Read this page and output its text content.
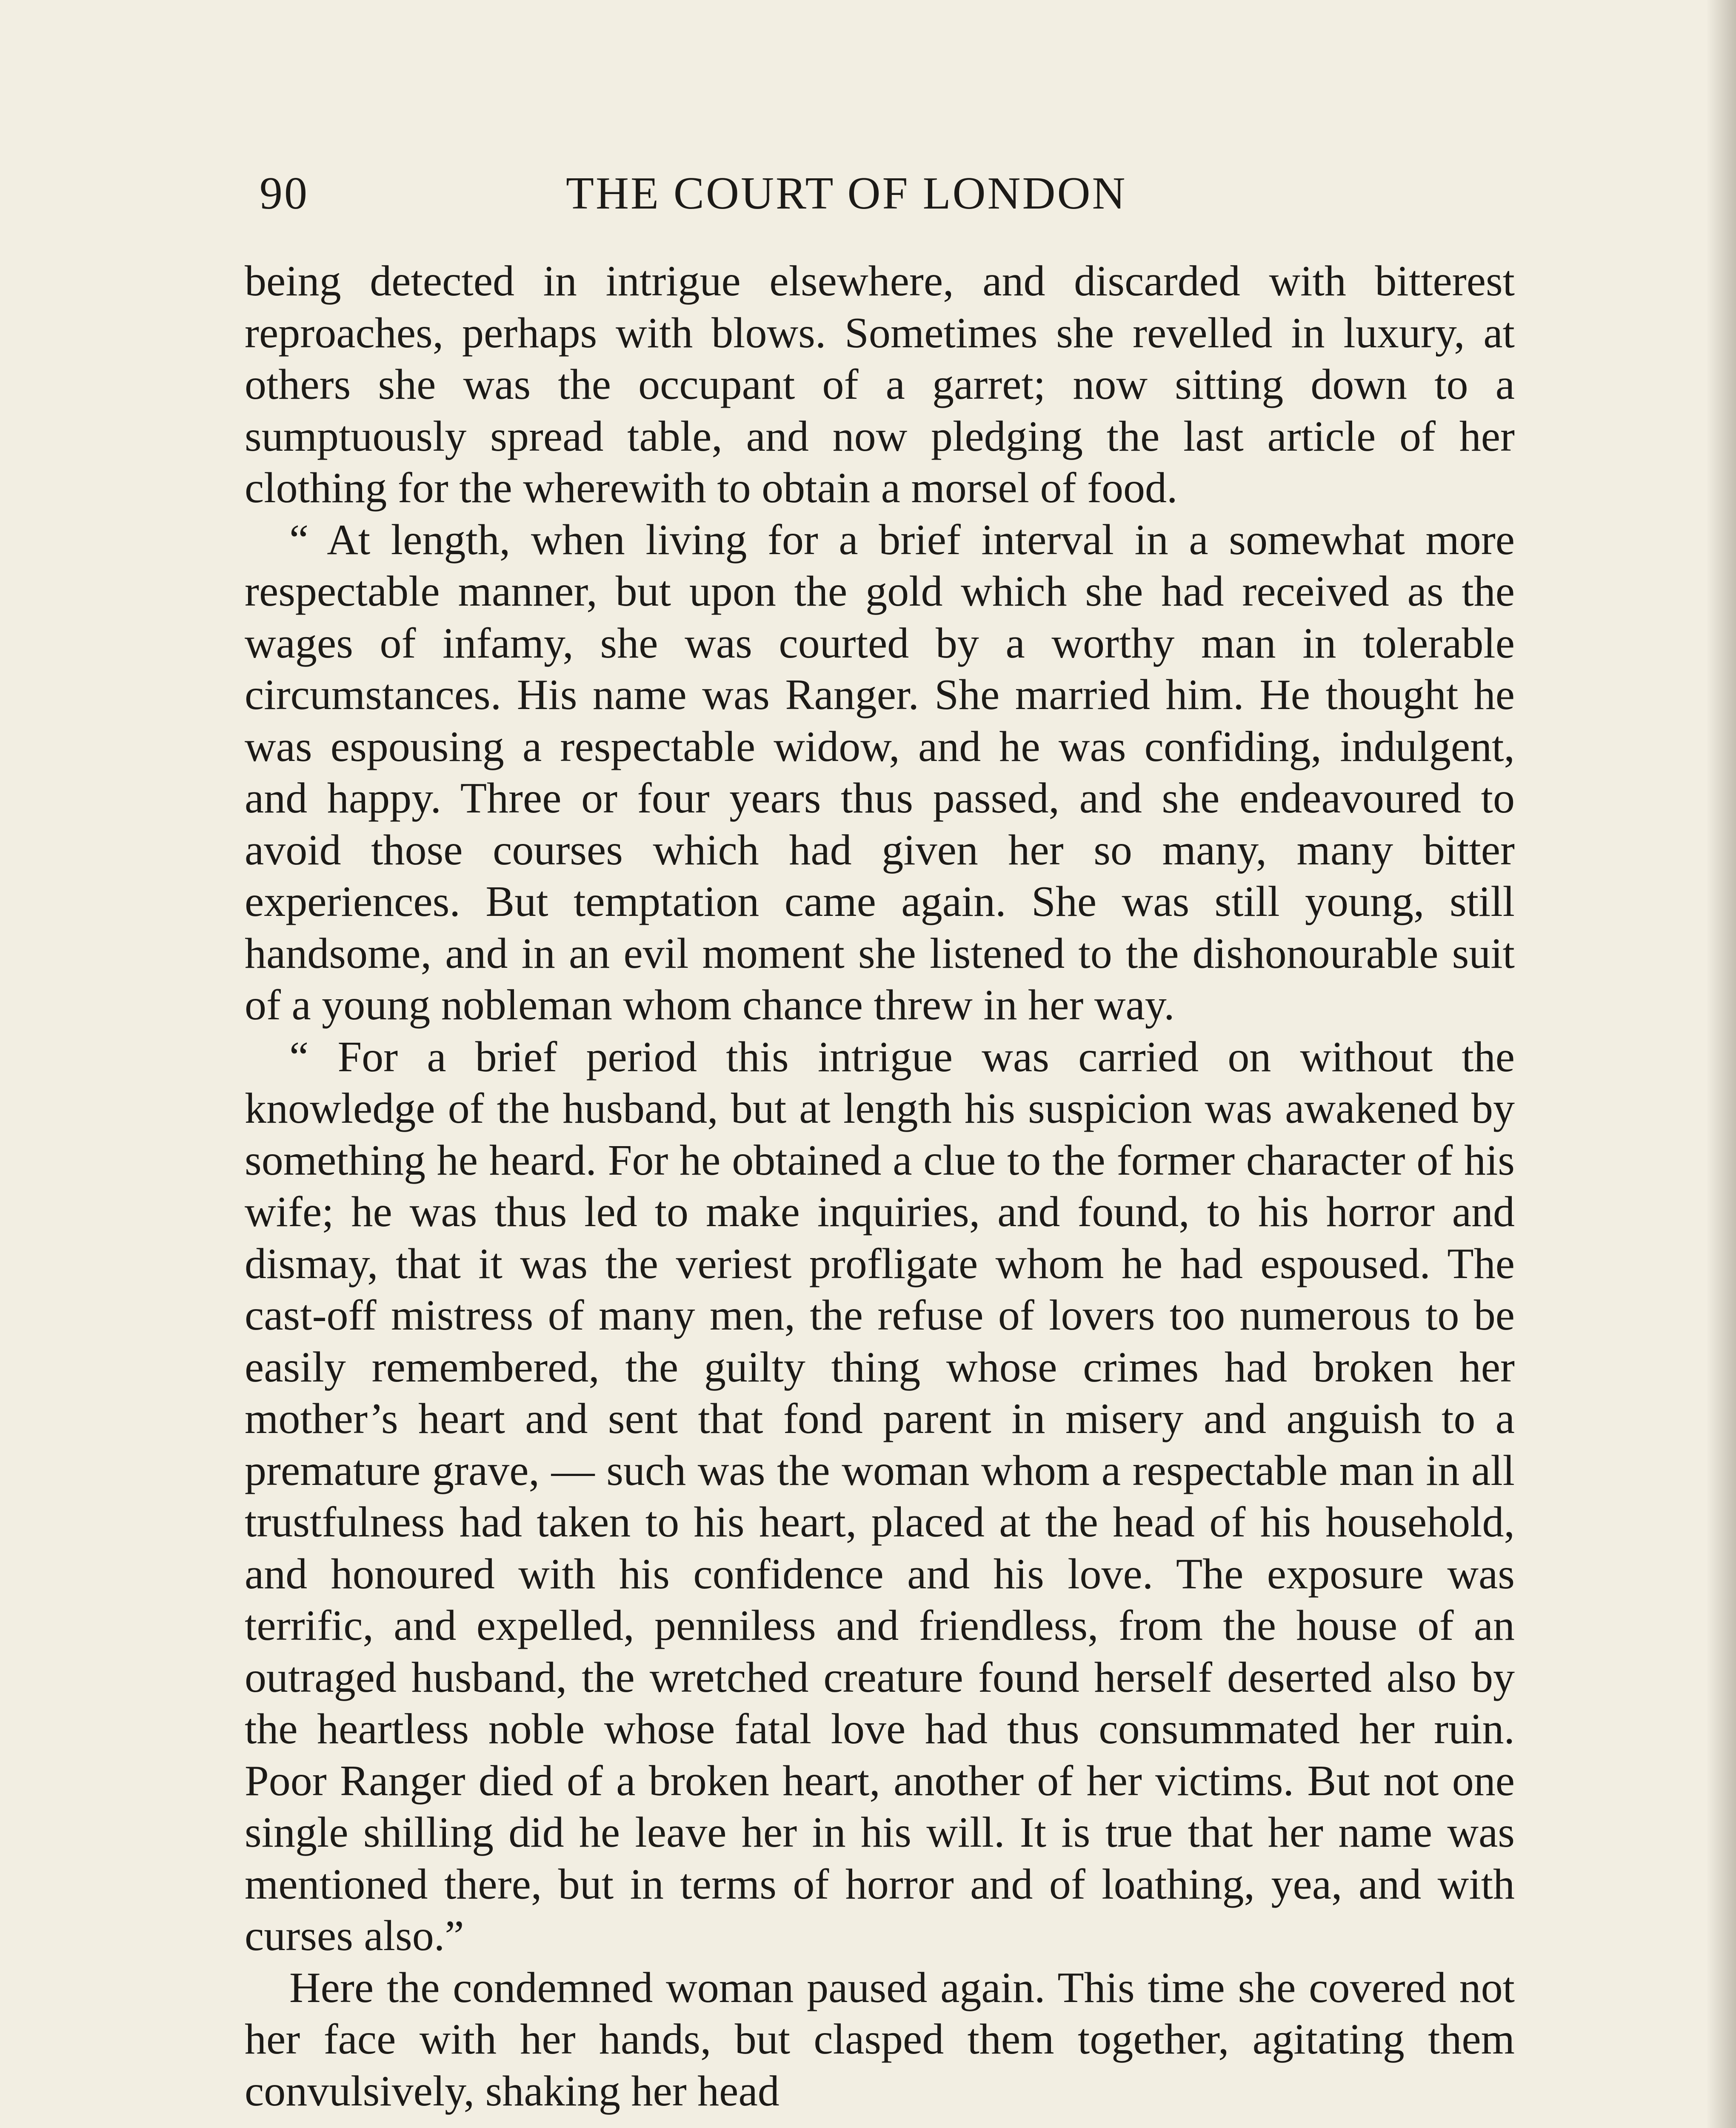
90	THE COURT OF LONDON

being detected in intrigue elsewhere, and discarded with bitterest reproaches, perhaps with blows. Sometimes she revelled in luxury, at others she was the occupant of a garret; now sitting down to a sumptuously spread table, and now pledging the last article of her clothing for the wherewith to obtain a morsel of food.

“ At length, when living for a brief interval in a somewhat more respectable manner, but upon the gold which she had received as the wages of infamy, she was courted by a worthy man in tolerable circumstances. His name was Ranger. She married him. He thought he was espousing a respectable widow, and he was confiding, indulgent, and happy. Three or four years thus passed, and she endeavoured to avoid those courses which had given her so many, many bitter experiences. But temptation came again. She was still young, still handsome, and in an evil moment she listened to the dishonourable suit of a young nobleman whom chance threw in her way.

“ For a brief period this intrigue was carried on without the knowledge of the husband, but at length his suspicion was awakened by something he heard. For he obtained a clue to the former character of his wife; he was thus led to make inquiries, and found, to his horror and dismay, that it was the veriest profligate whom he had espoused. The cast-off mistress of many men, the refuse of lovers too numerous to be easily remembered, the guilty thing whose crimes had broken her mother’s heart and sent that fond parent in misery and anguish to a premature grave, — such was the woman whom a respectable man in all trustfulness had taken to his heart, placed at the head of his household, and honoured with his confidence and his love. The exposure was terrific, and expelled, penniless and friendless, from the house of an outraged husband, the wretched creature found herself deserted also by the heartless noble whose fatal love had thus consummated her ruin. Poor Ranger died of a broken heart, another of her victims. But not one single shilling did he leave her in his will. It is true that her name was mentioned there, but in terms of horror and of loathing, yea, and with curses also.”

Here the condemned woman paused again. This time she covered not her face with her hands, but clasped them together, agitating them convulsively, shaking her head
